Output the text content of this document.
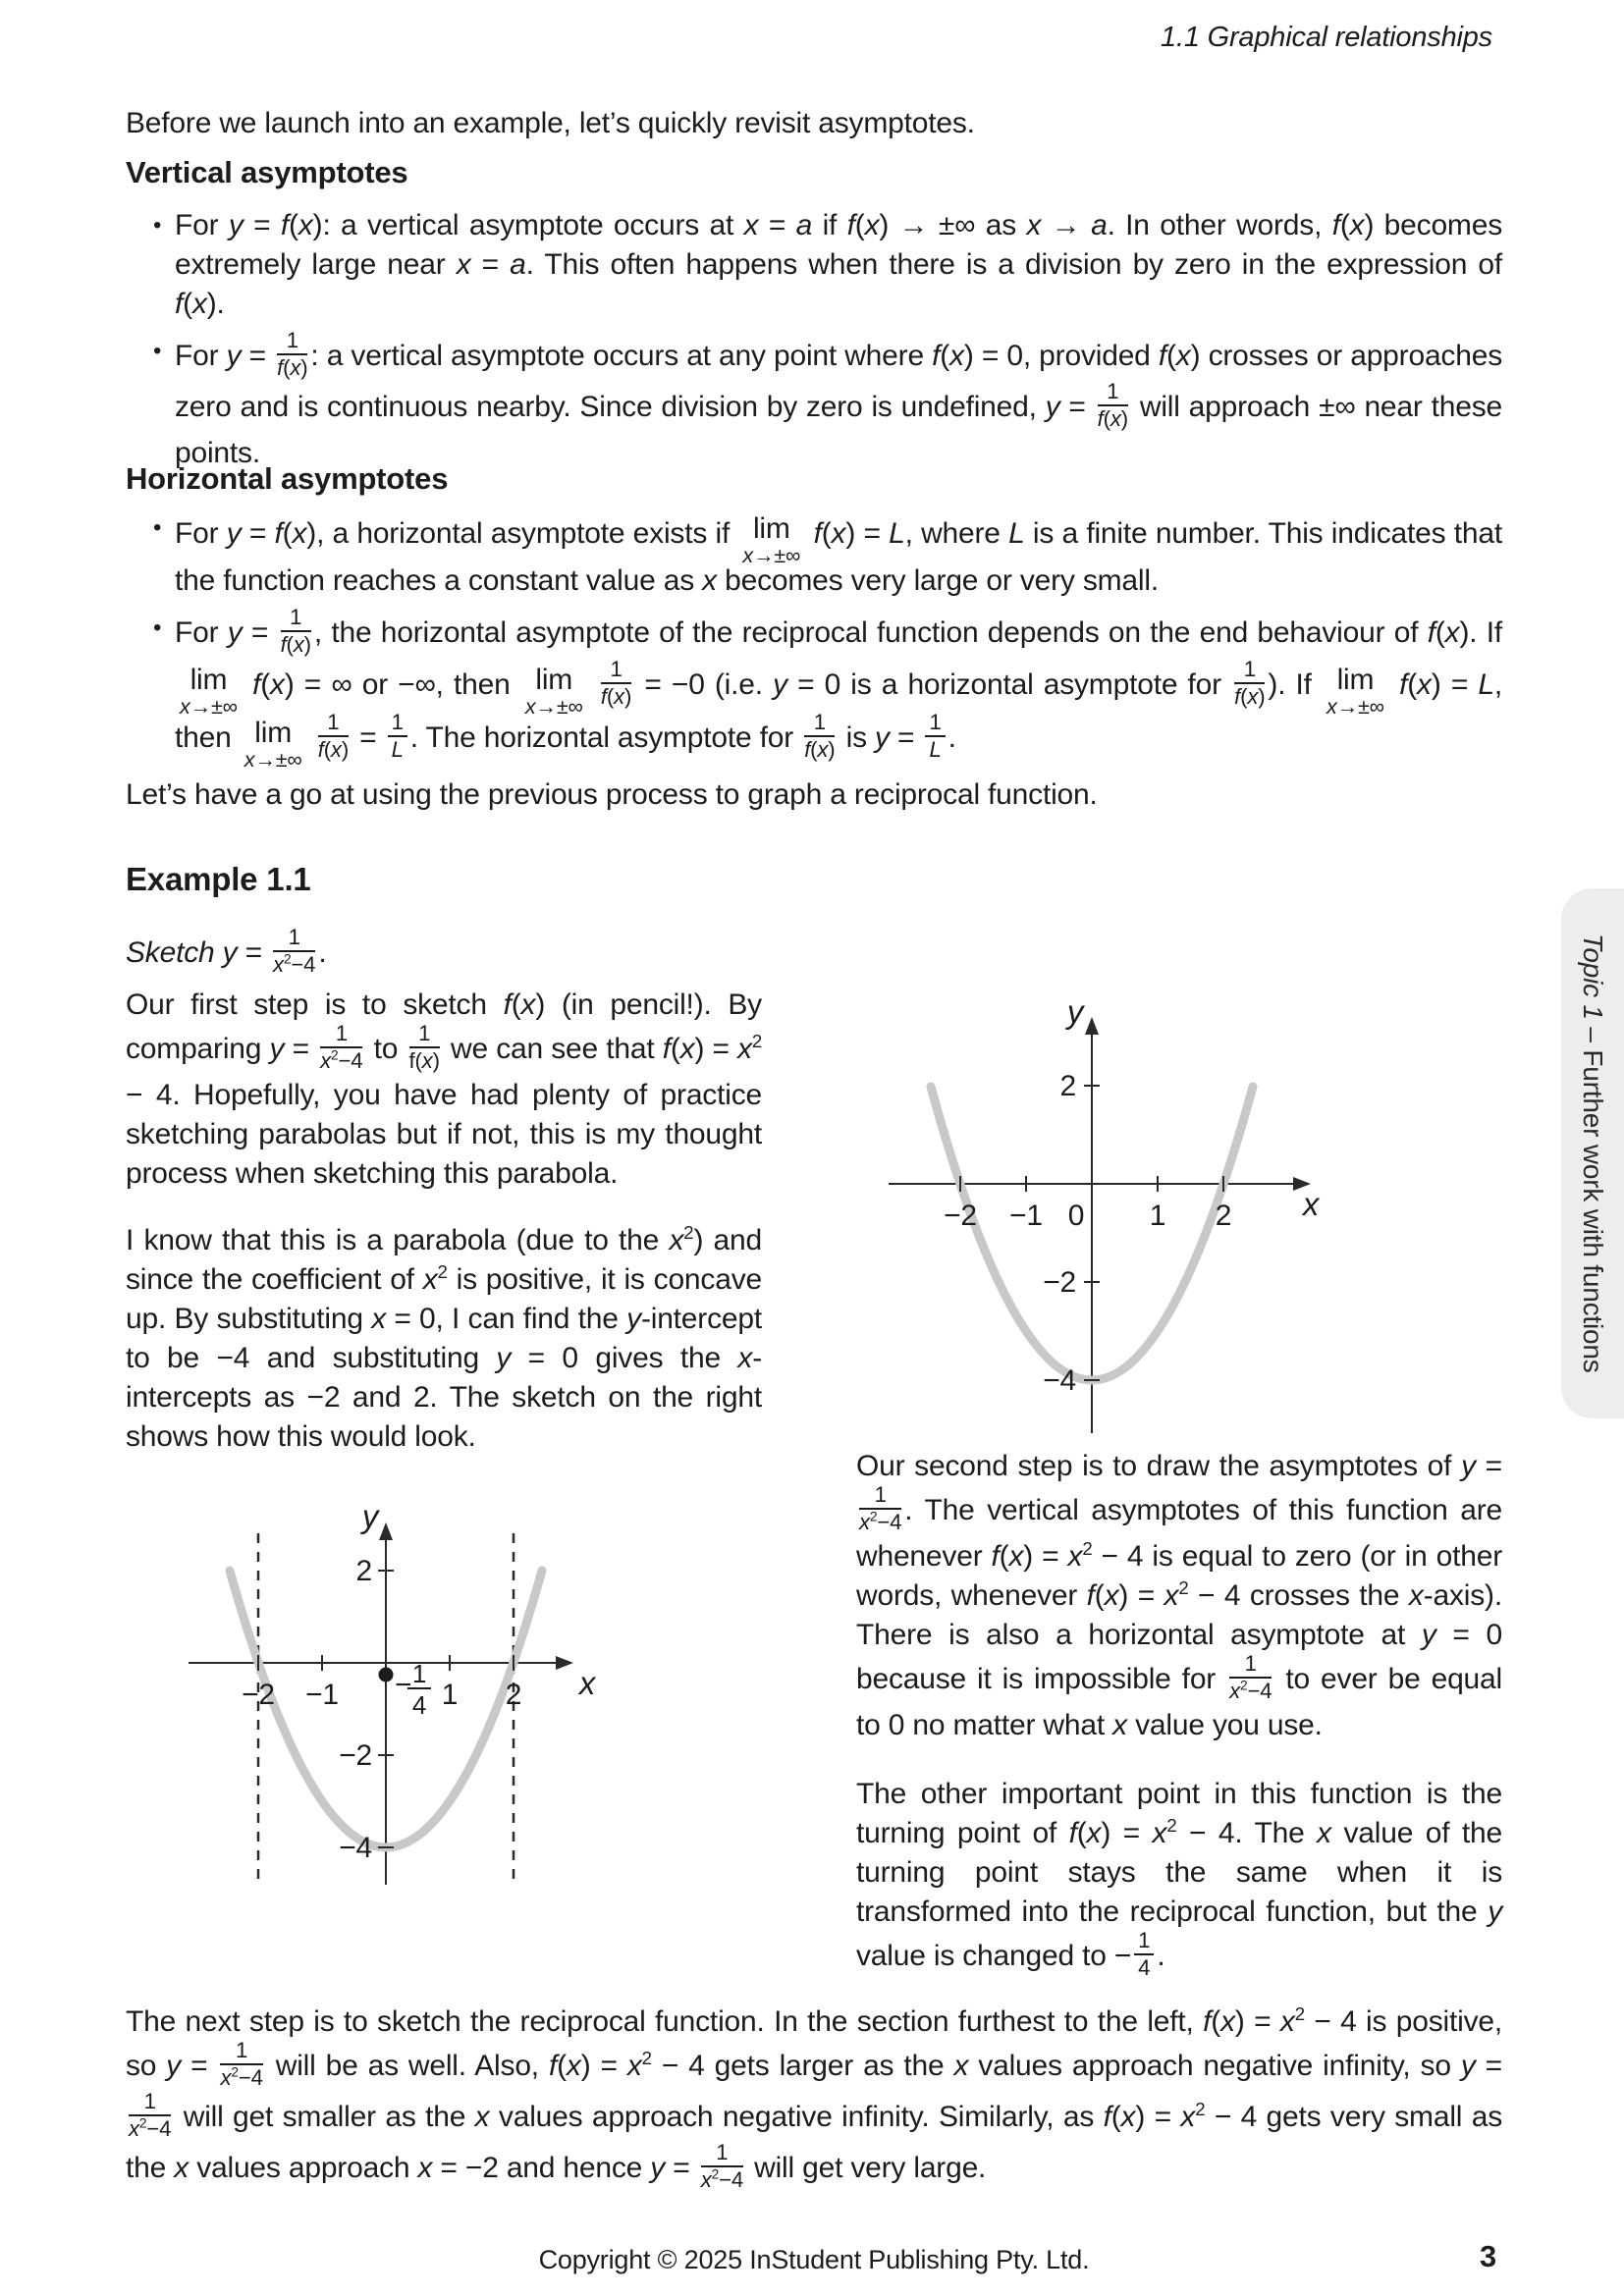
1.1 Graphical relationships
Before we launch into an example, let’s quickly revisit asymptotes.
Vertical asymptotes
• For y = f(x): a vertical asymptote occurs at x = a if f(x) → ±∞ as x → a. In other words, f(x) becomes extremely large near x = a. This often happens when there is a division by zero in the expression of f(x).
• For $y = \frac{1}{f(x)}$ : a vertical asymptote occurs at any point where f(x) = 0, provided f(x) crosses or approaches zero and is continuous nearby. Since division by zero is undefined, $y = \frac{1}{f(x)}$ will approach ±∞ near these points.
Horizontal asymptotes
• For y = f(x), a horizontal asymptote exists if lim
x→±∞
f(x) = L, where L is a finite number. This indicates that the function reaches a constant value as x becomes very large or very small.
• For $y = \frac{1}{f(x)}$ , the horizontal asymptote of the reciprocal function depends on the end behaviour of f(x). If
lim
x→±∞
f(x) = ∞ or −∞, then lim
x→±∞
$\frac{1}{f(x)} = -0$ (i.e. y = 0 is a horizontal asymptote for $\frac{1}{f(x)}$ ). If lim
x→±∞
f(x) = L, then lim
x→±∞
$\frac{1}{f(x)} = \frac{1}{L}$ . The horizontal asymptote for $\frac{1}{f(x)}$ is $y = \frac{1}{L}$ .
Let’s have a go at using the previous process to graph a reciprocal function.
Example 1.1
Sketch $y = \frac{1}{x^2-4}$ .
Our first step is to sketch f(x) (in pencil!). By comparing $y = \frac{1}{x^2-4}$ to $\frac{1}{f(x)}$ we can see that $f(x) = x^2 - 4$. Hopefully, you have had plenty of practice sketching parabolas but if not, this is my thought process when sketching this parabola.
I know that this is a parabola (due to the $x^2$) and since the coefficient of $x^2$ is positive, it is concave up. By substituting x = 0, I can find the y-intercept to be −4 and substituting y = 0 gives the x-intercepts as −2 and 2. The sketch on the right shows how this would look.
−2 −1 0 1 2
2
−2
−4
y
x
Our second step is to draw the asymptotes of y =
$\frac{1}{x^2-4}$ . The vertical asymptotes of this function are whenever $f(x) = x^2 - 4$ is equal to zero (or in other words, whenever $f(x) = x^2 - 4$ crosses the x-axis). There is also a horizontal asymptote at y = 0 because it is impossible for $\frac{1}{x^2-4}$ to ever be equal to 0 no matter what x value you use.
The other important point in this function is the turning point of $f(x) = x^2 - 4$. The x value of the turning point stays the same when it is transformed into the reciprocal function, but the y value is changed to − $\frac{1}{4}$ .
−2 −1	1 2
2
−2
−4
− 1
4
y
x
The next step is to sketch the reciprocal function. In the section furthest to the left, $f(x) = x^2 - 4$ is positive, so $y = \frac{1}{x^2-4}$ will be as well. Also, $f(x) = x^2 - 4$ gets larger as the x values approach negative infinity, so y =
$\frac{1}{x^2-4}$ will get smaller as the x values approach negative infinity. Similarly, as $f(x) = x^2 - 4$ gets very small as the x values approach x = −2 and hence $y = \frac{1}{x^2-4}$ will get very large.
Topic 1 – Further work with functions
Copyright © 2025 InStudent Publishing Pty. Ltd.	3
